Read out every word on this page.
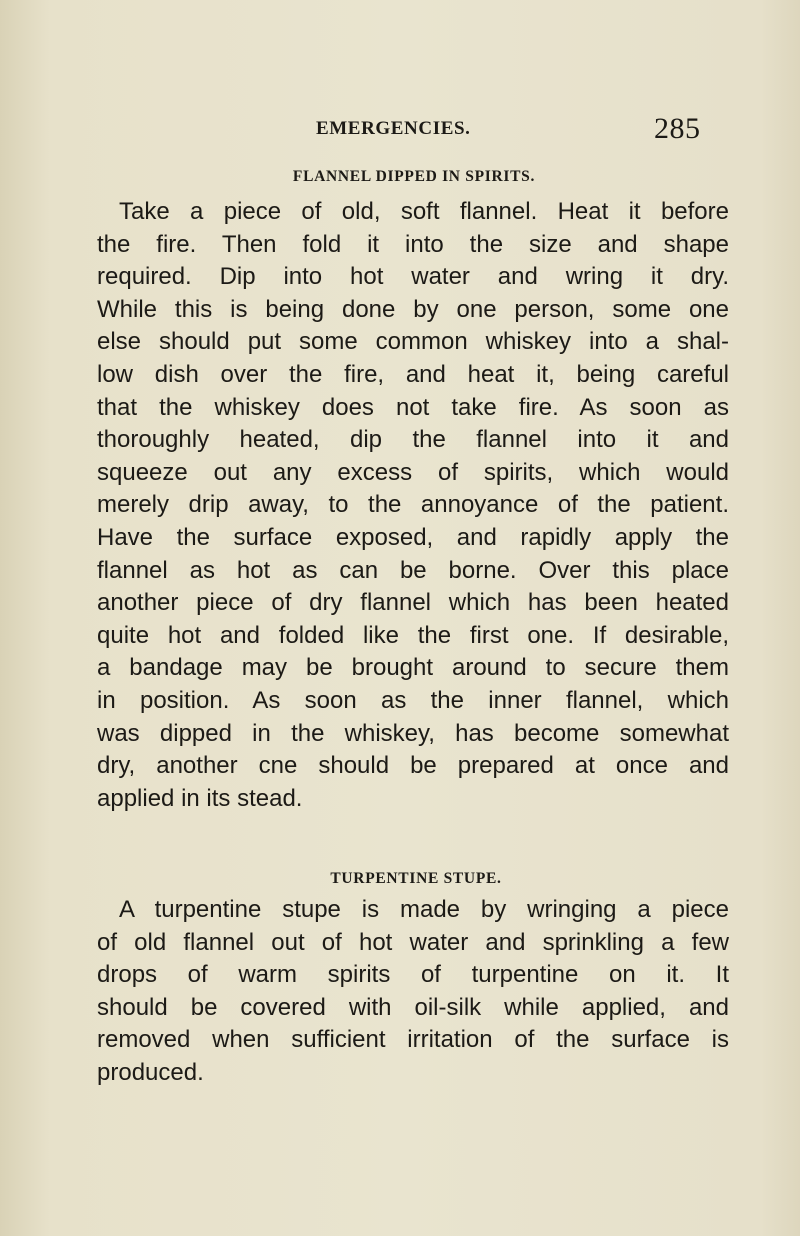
EMERGENCIES.	285
FLANNEL DIPPED IN SPIRITS.
Take a piece of old, soft flannel. Heat it before
the fire. Then fold it into the size and shape
required. Dip into hot water and wring it dry.
While this is being done by one person, some one
else should put some common whiskey into a shal-
low dish over the fire, and heat it, being careful
that the whiskey does not take fire. As soon as
thoroughly heated, dip the flannel into it and
squeeze out any excess of spirits, which would
merely drip away, to the annoyance of the patient.
Have the surface exposed, and rapidly apply the
flannel as hot as can be borne. Over this place
another piece of dry flannel which has been heated
quite hot and folded like the first one. If desirable,
a bandage may be brought around to secure them
in position. As soon as the inner flannel, which
was dipped in the whiskey, has become somewhat
dry, another cne should be prepared at once and
applied in its stead.
TURPENTINE STUPE.
A turpentine stupe is made by wringing a piece
of old flannel out of hot water and sprinkling a few
drops of warm spirits of turpentine on it. It
should be covered with oil-silk while applied, and
removed when sufficient irritation of the surface is
produced.
